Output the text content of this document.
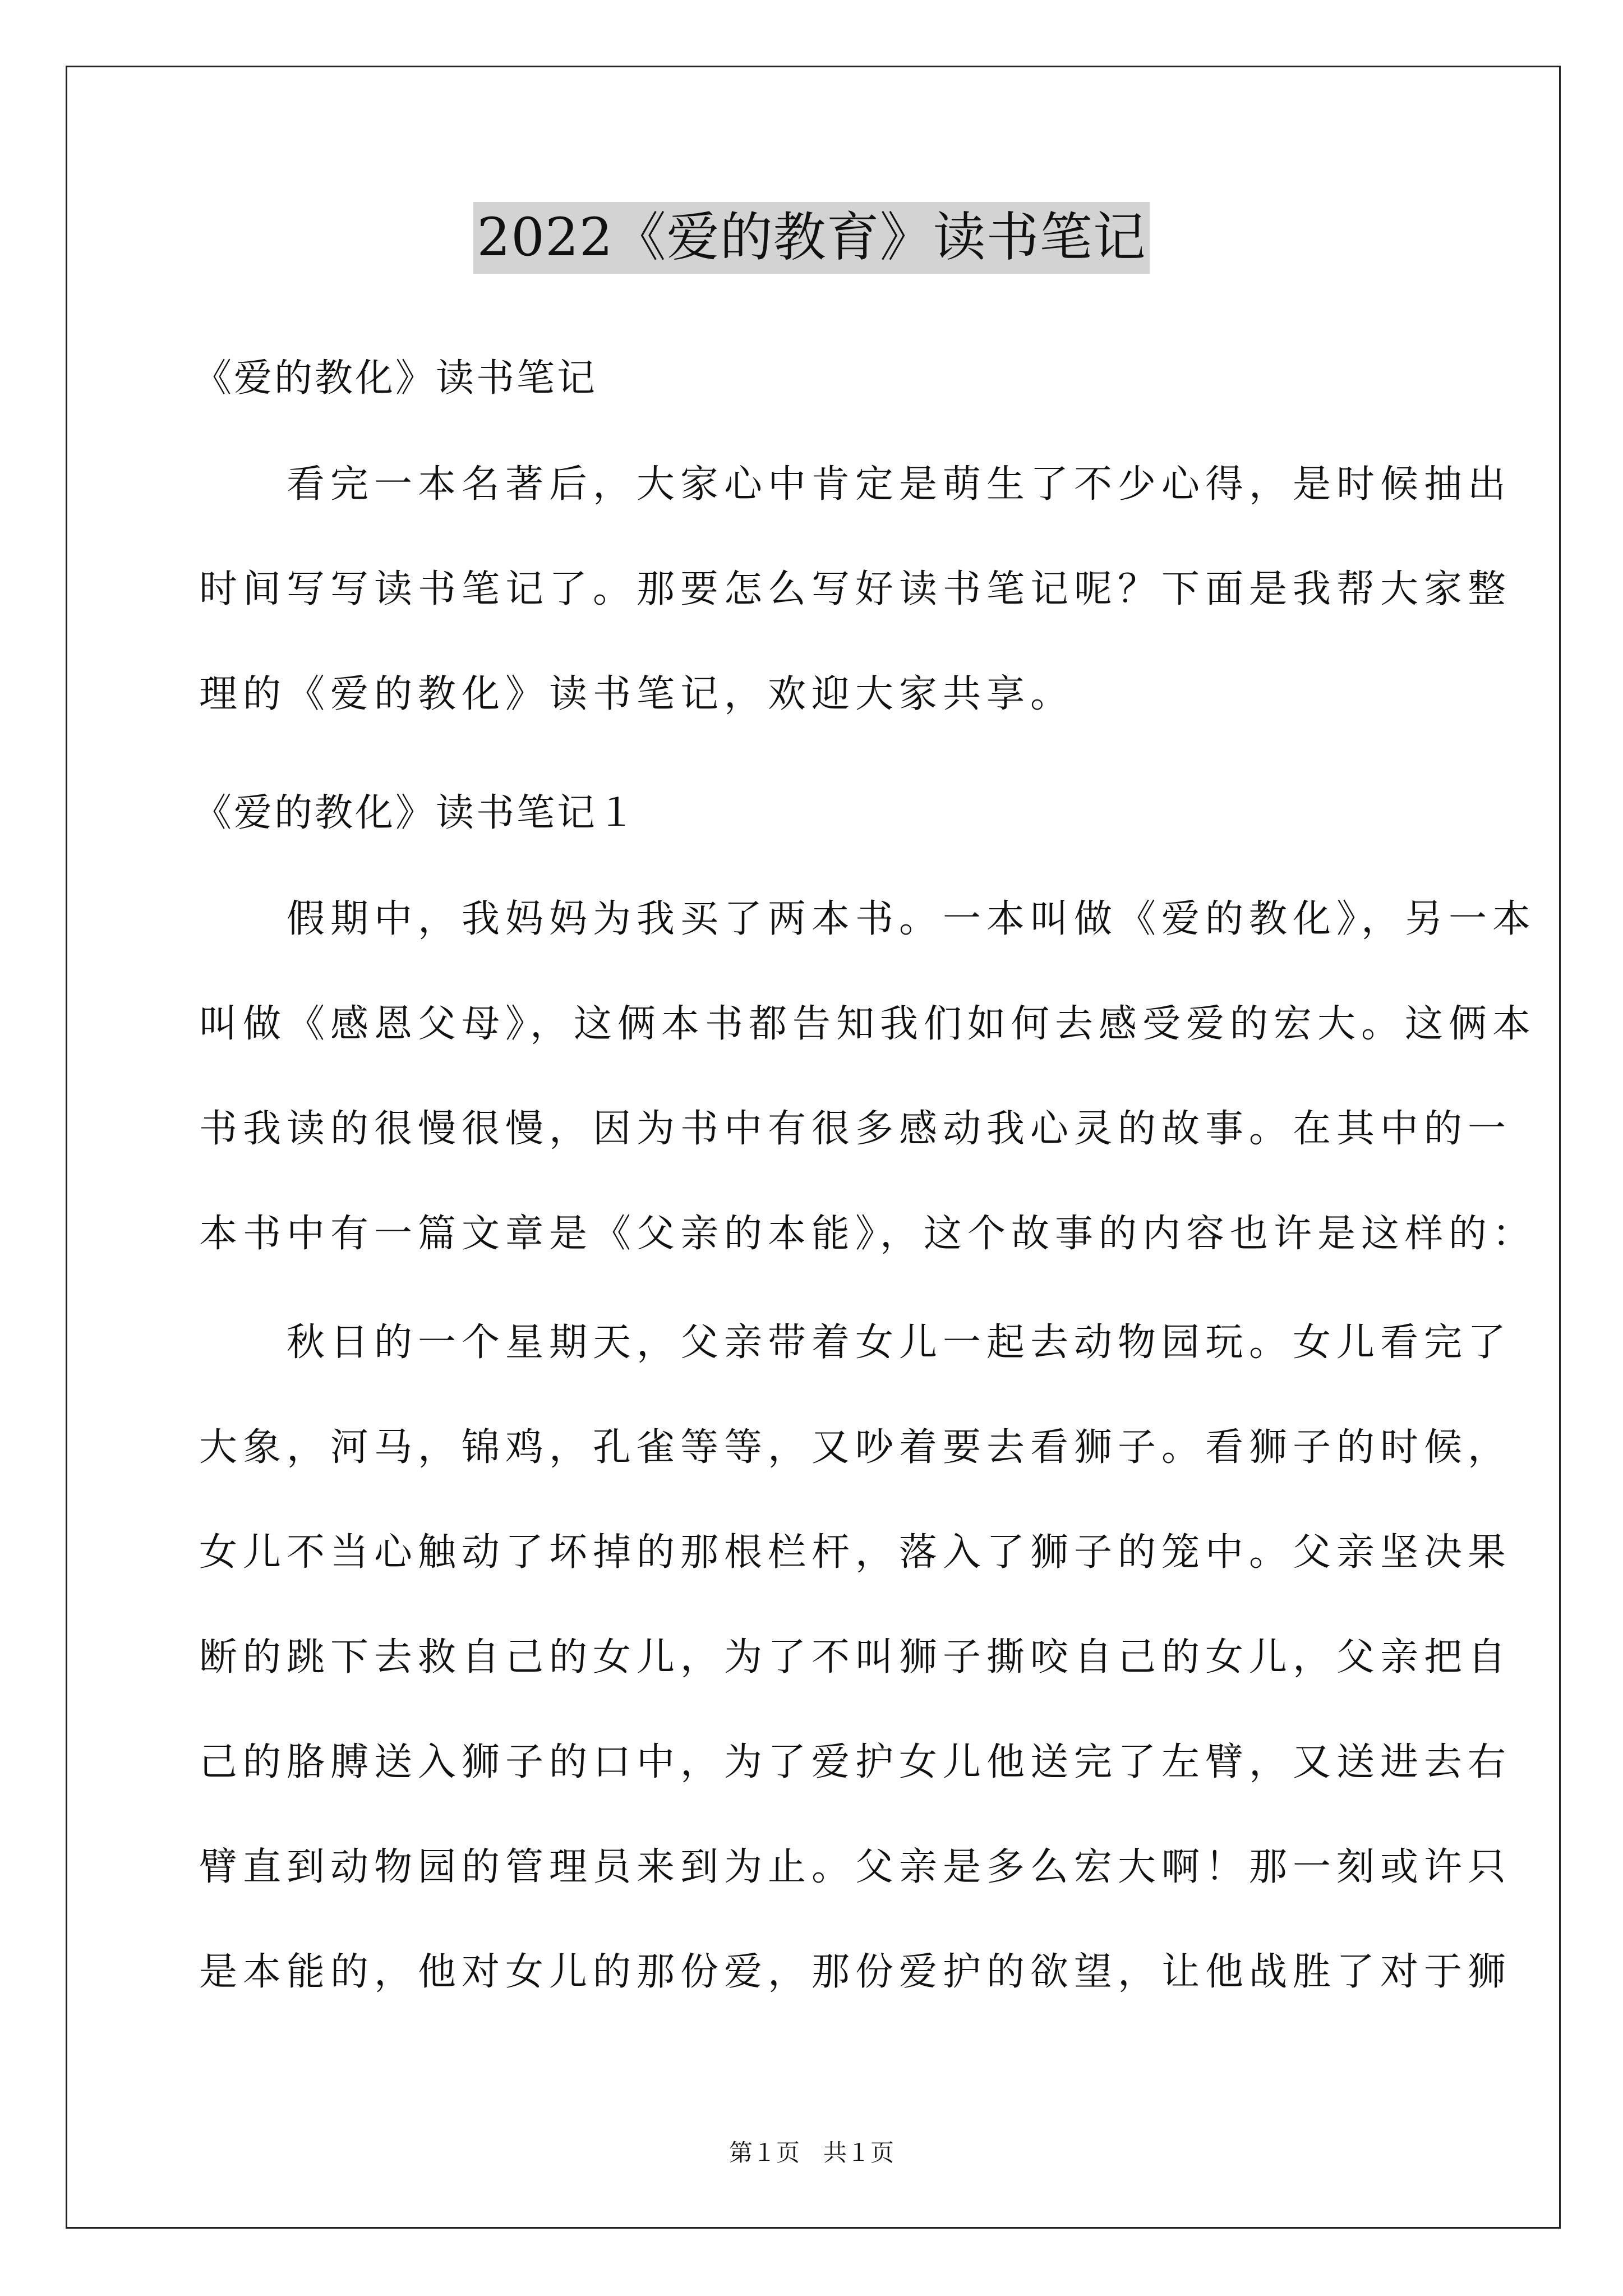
2022《爱的教育》读书笔记
《爱的教化》读书笔记
　　看完一本名著后，大家心中肯定是萌生了不少心得，是时候抽出
时间写写读书笔记了。那要怎么写好读书笔记呢？下面是我帮大家整
理的《爱的教化》读书笔记，欢迎大家共享。
《爱的教化》读书笔记１
　　假期中，我妈妈为我买了两本书。一本叫做《爱的教化》，另一本
叫做《感恩父母》，这俩本书都告知我们如何去感受爱的宏大。这俩本
书我读的很慢很慢，因为书中有很多感动我心灵的故事。在其中的一
本书中有一篇文章是《父亲的本能》，这个故事的内容也许是这样的：
　　秋日的一个星期天，父亲带着女儿一起去动物园玩。女儿看完了
大象，河马，锦鸡，孔雀等等，又吵着要去看狮子。看狮子的时候，
女儿不当心触动了坏掉的那根栏杆，落入了狮子的笼中。父亲坚决果
断的跳下去救自己的女儿，为了不叫狮子撕咬自己的女儿，父亲把自
己的胳膊送入狮子的口中，为了爱护女儿他送完了左臂，又送进去右
臂直到动物园的管理员来到为止。父亲是多么宏大啊！那一刻或许只
是本能的，他对女儿的那份爱，那份爱护的欲望，让他战胜了对于狮
第１页　共１页
